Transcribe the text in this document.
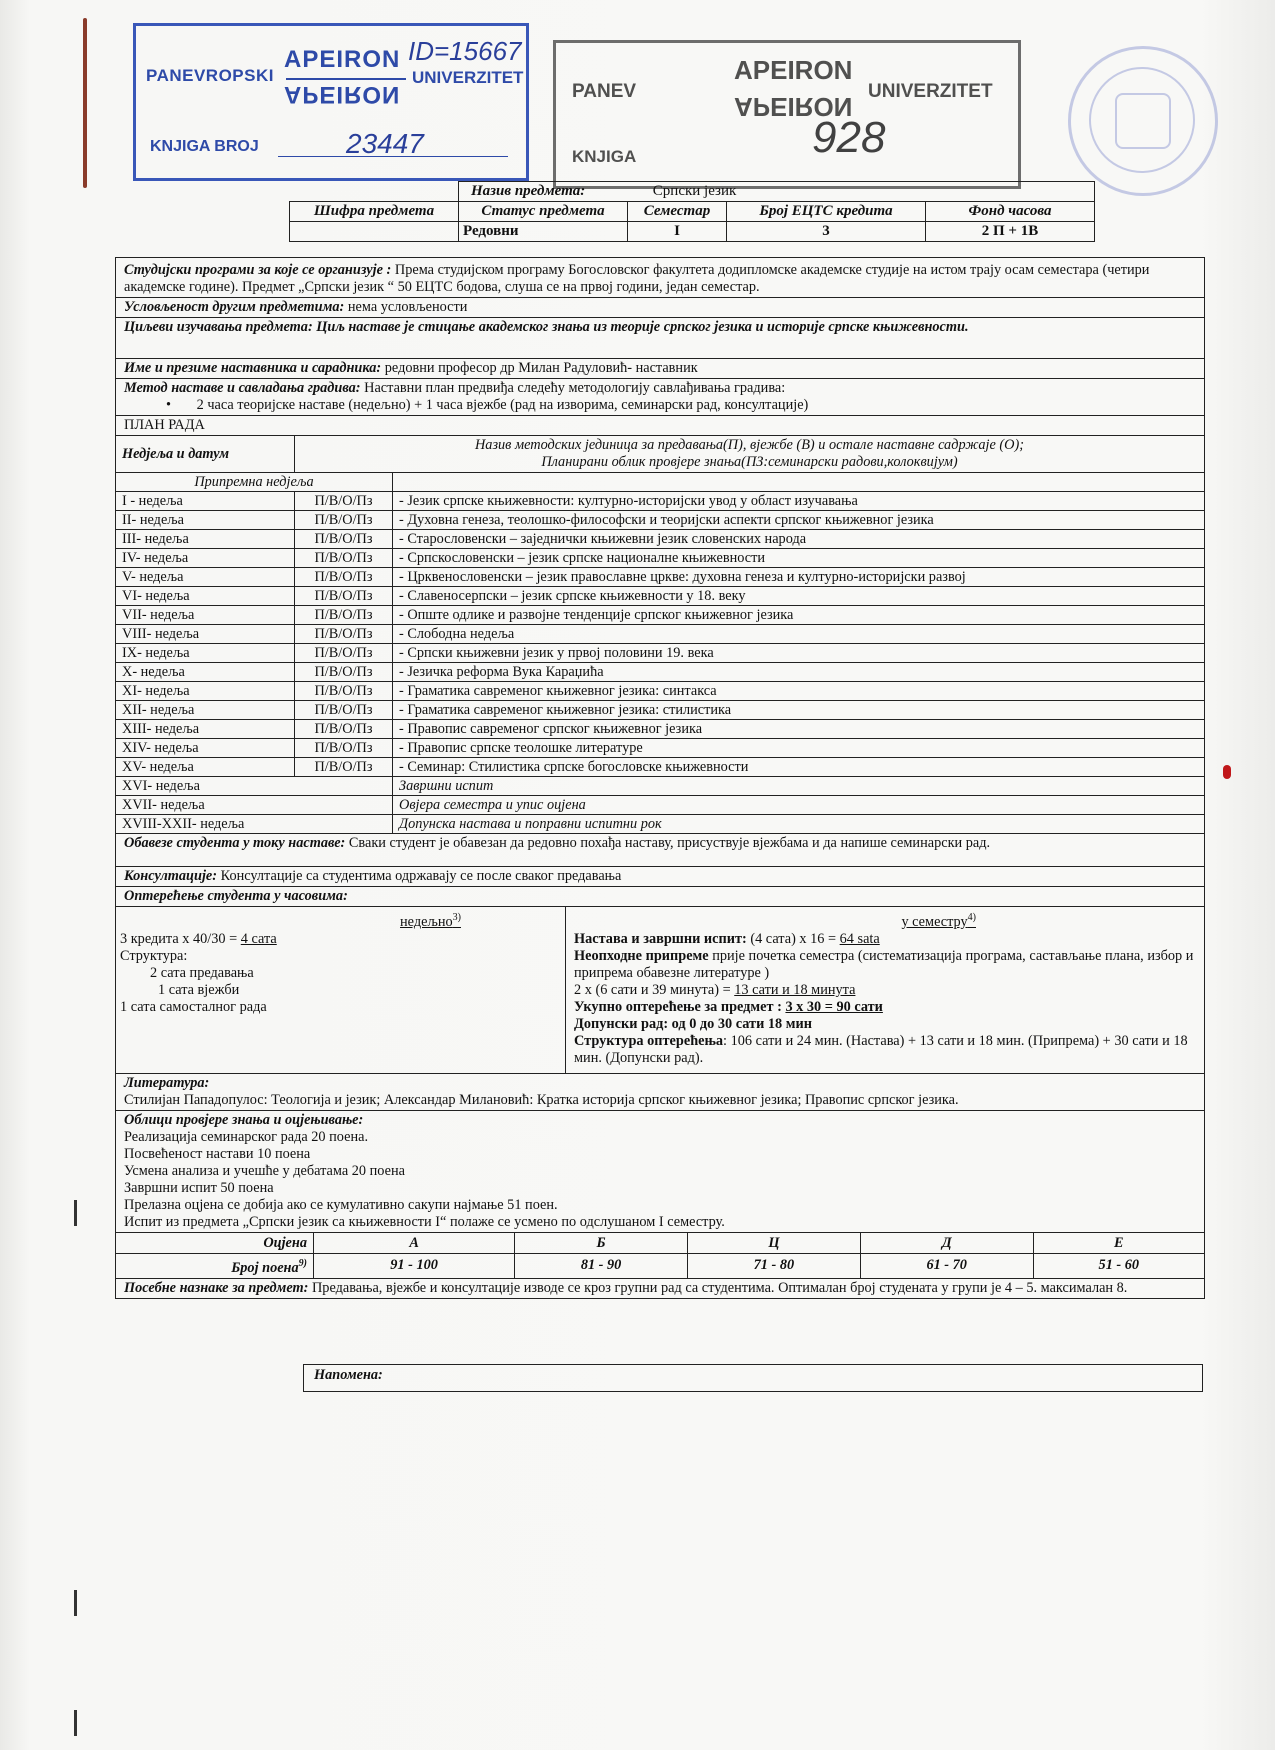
PANEVROPSKI
APEIRON
APEIRON
UNIVERZITET
ID=15667
KNJIGA BROJ	23447
PANEV
APEIRON
APEIRON
UNIVERZITET
KNJIGA	928
	Назив предмета: Српски језик			
Шифра предмета	Статус предмета	Семестар	Број ЕЦТС кредита	Фонд часова
	Редовни	I	3	2 П + 1В
Студијски програми за које се организује : Према студијском програму Богословског факултета додипломске академске студије на истом трају осам семестара (четири академске године). Предмет „Српски језик “ 50 ЕЦТС бодова, слуша се на првој години, један семестар.
Условљеност другим предметима: нема условљености
Циљеви изучавања предмета: Циљ наставе је стицање академског знања из теорије српског језика и историје српске књижевности.
Име и презиме наставника и сарадника: редовни професор др Милан Радуловић- наставник
Метод наставе и савладања градива: Наставни план предвиђа следећу методологију савлађивања градива:
• 2 часа теоријске наставе (недељно) + 1 часа вјежбе (рад на изворима, семинарски рад, консултације)
ПЛАН РАДА
Недјеља и датум	Назив методских јединица за предавања(П), вјежбе (В) и остале наставне садржаје (О);
Планирани облик провјере знања(ПЗ:семинарски радови,колоквијум)	
Припремна недјеља		
I - недеља	П/В/О/Пз	- Језик српске књижевности: културно-историјски увод у област изучавања
II- недеља	П/В/О/Пз	- Духовна генеза, теолошко-философски и теоријски аспекти српског књижевног језика
III- недеља	П/В/О/Пз	- Старословенски – заједнички књижевни језик словенских народа
IV- недеља	П/В/О/Пз	- Српскословенски – језик српске националне књижевности
V- недеља	П/В/О/Пз	- Црквенословенски – језик православне цркве: духовна генеза и културно-историјски развој
VI- недеља	П/В/О/Пз	- Славеносерпски – језик српске књижевности у 18. веку
VII- недеља	П/В/О/Пз	- Опште одлике и развојне тенденције српског књижевног језика
VIII- недеља	П/В/О/Пз	- Слободна недеља
IX- недеља	П/В/О/Пз	- Српски књижевни језик у првој половини 19. века
X- недеља	П/В/О/Пз	- Језичка реформа Вука Караџића
XI- недеља	П/В/О/Пз	- Граматика савременог књижевног језика: синтакса
XII- недеља	П/В/О/Пз	- Граматика савременог књижевног језика: стилистика
XIII- недеља	П/В/О/Пз	- Правопис савременог српског књижевног језика
XIV- недеља	П/В/О/Пз	- Правопис српске теолошке литературе
XV- недеља	П/В/О/Пз	- Семинар: Стилистика српске богословске књижевности
XVI- недеља		Завршни испит
XVII- недеља		Овјера семестра и упис оцјена
XVIII-XXII- недеља		Допунска настава и поправни испитни рок
Обавезе студента у току наставе: Сваки студент је обавезан да редовно похађа наставу, присуствује вјежбама и да напише семинарски рад.
Консултације: Консултације са студентима одржавају се после сваког предавања
Оптерећење студента у часовима:
недељно$^{3)}$
3 кредита х 40/30 = 4 сата
Структура:
2 сата предавања
1 сата вјежби
1 сата самосталног рада
у семестру$^{4)}$
Настава и завршни испит: (4 сата) х 16 = 64 sata
Неопходне припреме прије почетка семестра (систематизација програма, састављање плана, избор и припрема обавезне литературе )
2 х (6 сати и 39 минута) = 13 сати и 18 минута
Укупно оптерећење за предмет : 3 х 30 = 90 сати
Допунски рад: од 0 до 30 сати 18 мин
Структура оптерећења: 106 сати и 24 мин. (Настава) + 13 сати и 18 мин. (Припрема) + 30 сати и 18 мин. (Допунски рад).
Литература:
Стилијан Пападопулос: Теологија и језик; Александар Милановић: Кратка историја српског књижевног језика; Правопис српског језика.
Облици провјере знања и оцјењивање:
Реализација семинарског рада 20 поена.
Посвећеност настави 10 поена
Усмена анализа и учешће у дебатама 20 поена
Завршни испит 50 поена
Прелазна оцјена се добија ако се кумулативно сакупи најмање 51 поен.
Испит из предмета „Српски језик са књижевности I“ полаже се усмено по одслушаном I семестру.
Оцјена	A	Б	Ц	Д	Е
Број поена$^{9)}$	91 - 100	81 - 90	71 - 80	61 - 70	51 - 60
Посебне назнаке за предмет: Предавања, вјежбе и консултације изводе се кроз групни рад са студентима. Оптималан број студената у групи је 4 – 5. максималан 8.
Напомена:
